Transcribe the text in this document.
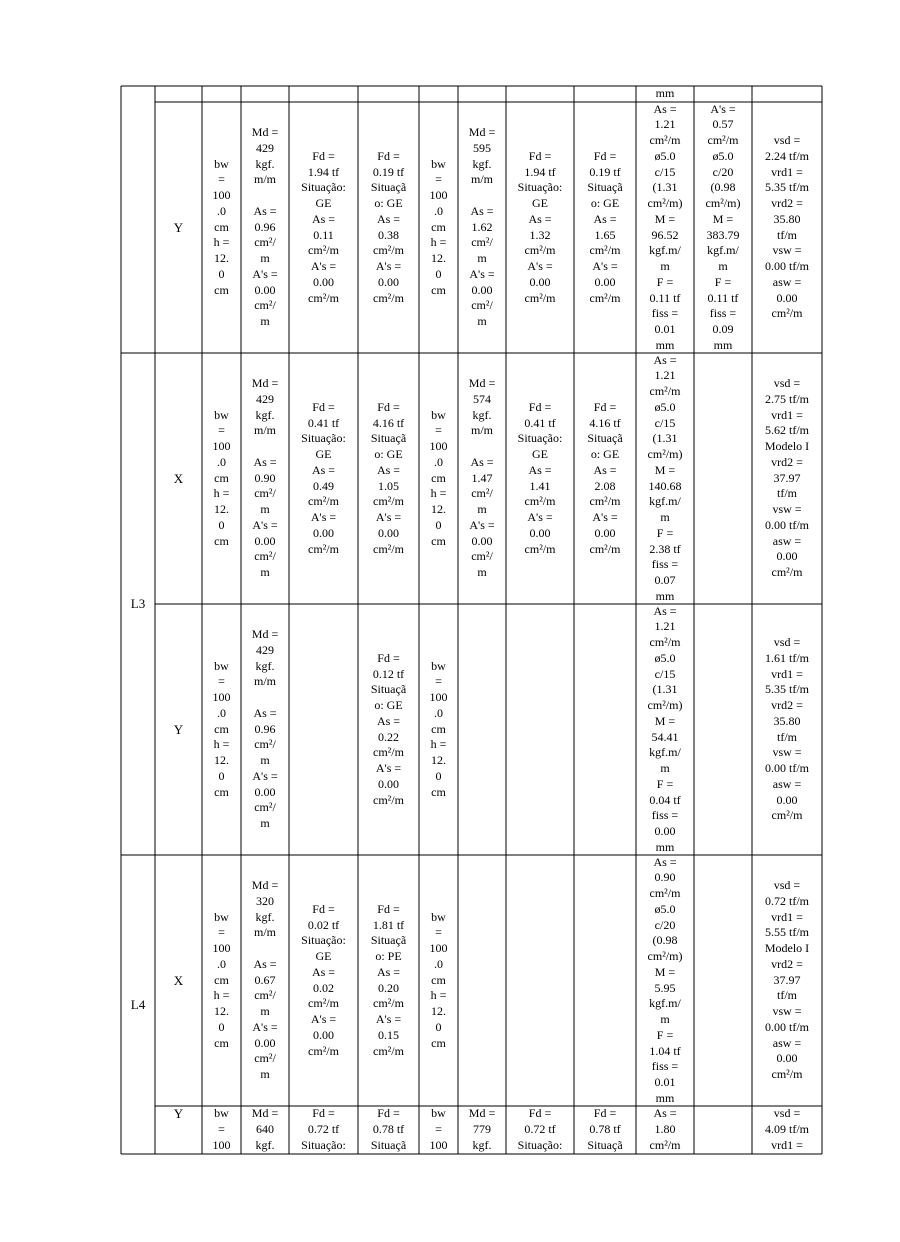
mm
L3
L4
Y
bw
=
100
.0
cm
h =
12.
0
cm
Md =
429
kgf.
m/m

As =
0.96
cm²/
m
A's =
0.00
cm²/
m
Fd =
1.94 tf
Situação:
GE
As =
0.11
cm²/m
A's =
0.00
cm²/m
Fd =
0.19 tf
Situaçã
o: GE
As =
0.38
cm²/m
A's =
0.00
cm²/m
bw
=
100
.0
cm
h =
12.
0
cm
Md =
595
kgf.
m/m

As =
1.62
cm²/
m
A's =
0.00
cm²/
m
Fd =
1.94 tf
Situação:
GE
As =
1.32
cm²/m
A's =
0.00
cm²/m
Fd =
0.19 tf
Situaçã
o: GE
As =
1.65
cm²/m
A's =
0.00
cm²/m
As =
1.21
cm²/m
ø5.0
c/15
(1.31
cm²/m)
M =
96.52
kgf.m/
m
F =
0.11 tf
fiss =
0.01
mm
A's =
0.57
cm²/m
ø5.0
c/20
(0.98
cm²/m)
M =
383.79
kgf.m/
m
F =
0.11 tf
fiss =
0.09
mm
vsd =
2.24 tf/m
vrd1 =
5.35 tf/m
vrd2 =
35.80
tf/m
vsw =
0.00 tf/m
asw =
0.00
cm²/m
X
bw
=
100
.0
cm
h =
12.
0
cm
Md =
429
kgf.
m/m

As =
0.90
cm²/
m
A's =
0.00
cm²/
m
Fd =
0.41 tf
Situação:
GE
As =
0.49
cm²/m
A's =
0.00
cm²/m
Fd =
4.16 tf
Situaçã
o: GE
As =
1.05
cm²/m
A's =
0.00
cm²/m
bw
=
100
.0
cm
h =
12.
0
cm
Md =
574
kgf.
m/m

As =
1.47
cm²/
m
A's =
0.00
cm²/
m
Fd =
0.41 tf
Situação:
GE
As =
1.41
cm²/m
A's =
0.00
cm²/m
Fd =
4.16 tf
Situaçã
o: GE
As =
2.08
cm²/m
A's =
0.00
cm²/m
As =
1.21
cm²/m
ø5.0
c/15
(1.31
cm²/m)
M =
140.68
kgf.m/
m
F =
2.38 tf
fiss =
0.07
mm
vsd =
2.75 tf/m
vrd1 =
5.62 tf/m
Modelo I
vrd2 =
37.97
tf/m
vsw =
0.00 tf/m
asw =
0.00
cm²/m
Y
bw
=
100
.0
cm
h =
12.
0
cm
Md =
429
kgf.
m/m

As =
0.96
cm²/
m
A's =
0.00
cm²/
m
Fd =
0.12 tf
Situaçã
o: GE
As =
0.22
cm²/m
A's =
0.00
cm²/m
bw
=
100
.0
cm
h =
12.
0
cm
As =
1.21
cm²/m
ø5.0
c/15
(1.31
cm²/m)
M =
54.41
kgf.m/
m
F =
0.04 tf
fiss =
0.00
mm
vsd =
1.61 tf/m
vrd1 =
5.35 tf/m
vrd2 =
35.80
tf/m
vsw =
0.00 tf/m
asw =
0.00
cm²/m
X
bw
=
100
.0
cm
h =
12.
0
cm
Md =
320
kgf.
m/m

As =
0.67
cm²/
m
A's =
0.00
cm²/
m
Fd =
0.02 tf
Situação:
GE
As =
0.02
cm²/m
A's =
0.00
cm²/m
Fd =
1.81 tf
Situaçã
o: PE
As =
0.20
cm²/m
A's =
0.15
cm²/m
bw
=
100
.0
cm
h =
12.
0
cm
As =
0.90
cm²/m
ø5.0
c/20
(0.98
cm²/m)
M =
5.95
kgf.m/
m
F =
1.04 tf
fiss =
0.01
mm
vsd =
0.72 tf/m
vrd1 =
5.55 tf/m
Modelo I
vrd2 =
37.97
tf/m
vsw =
0.00 tf/m
asw =
0.00
cm²/m
Y	bw
=
100
Md =
640
kgf.
Fd =
0.72 tf
Situação:
Fd =
0.78 tf
Situaçã
bw
=
100
Md =
779
kgf.
Fd =
0.72 tf
Situação:
Fd =
0.78 tf
Situaçã
As =
1.80
cm²/m
vsd =
4.09 tf/m
vrd1 =
